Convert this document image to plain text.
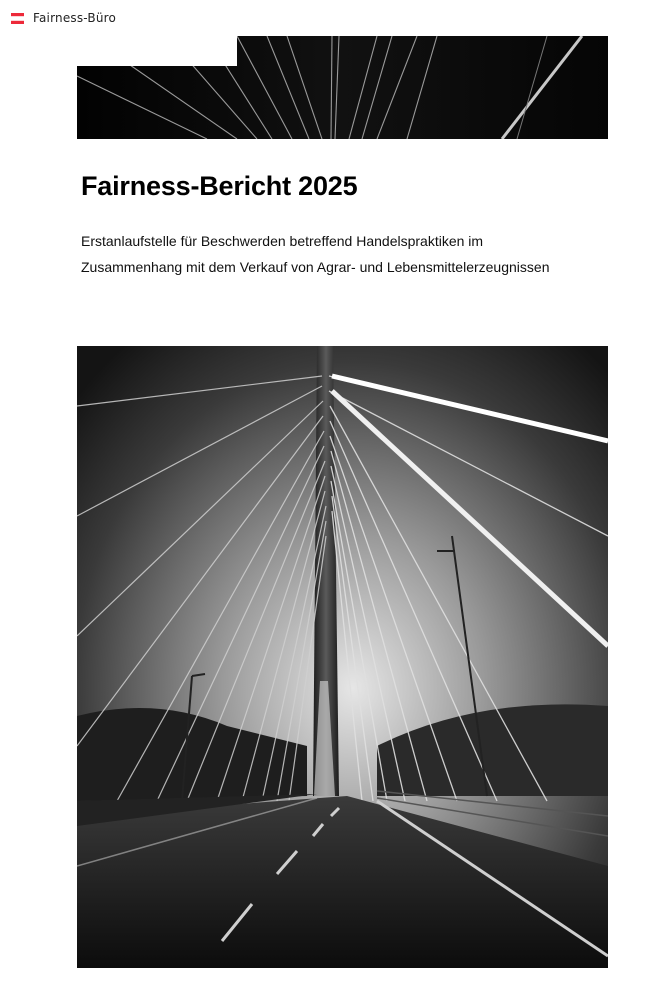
Fairness-Büro
Fairness-Bericht 2025

Erstanlaufstelle für Beschwerden betreffend Handelspraktiken im Zusammenhang mit dem Verkauf von Agrar- und Lebensmittelerzeugnissen
